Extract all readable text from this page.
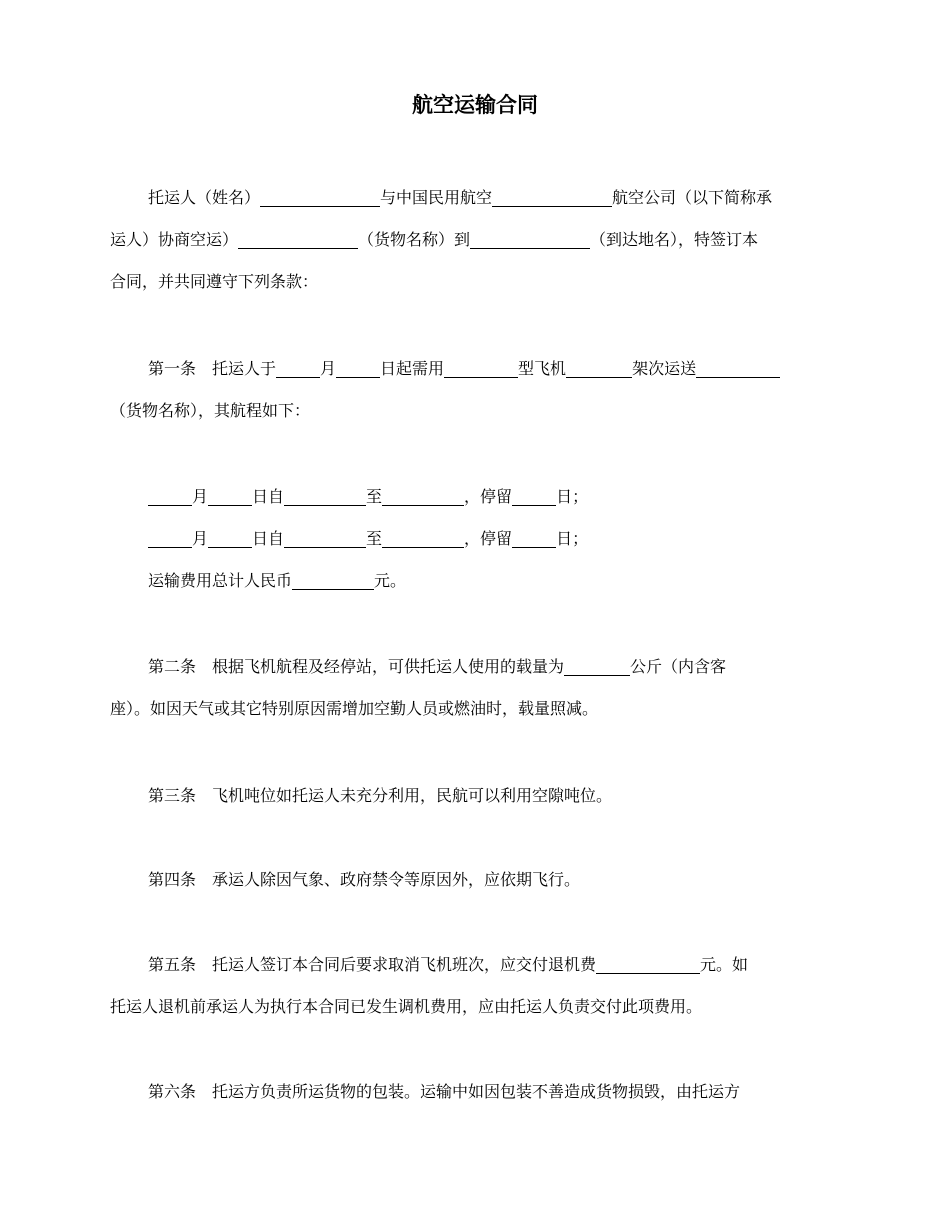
航空运输合同
托运人（姓名）	与中国民用航空	航空公司（以下简称承
运人）协商空运）	（货物名称）到	（到达地名），特签订本
合同，并共同遵守下列条款：
第一条　托运人于	月	日起需用	型飞机	架次运送
（货物名称），其航程如下：
月	日自	至	，停留	日；
月	日自	至	，停留	日；
运输费用总计人民币	元。
第二条　根据飞机航程及经停站，可供托运人使用的载量为	公斤（内含客
座）。如因天气或其它特别原因需增加空勤人员或燃油时，载量照减。
第三条　飞机吨位如托运人未充分利用，民航可以利用空隙吨位。
第四条　承运人除因气象、政府禁令等原因外，应依期飞行。
第五条　托运人签订本合同后要求取消飞机班次，应交付退机费	元。如
托运人退机前承运人为执行本合同已发生调机费用，应由托运人负责交付此项费用。
第六条　托运方负责所运货物的包装。运输中如因包装不善造成货物损毁，由托运方
